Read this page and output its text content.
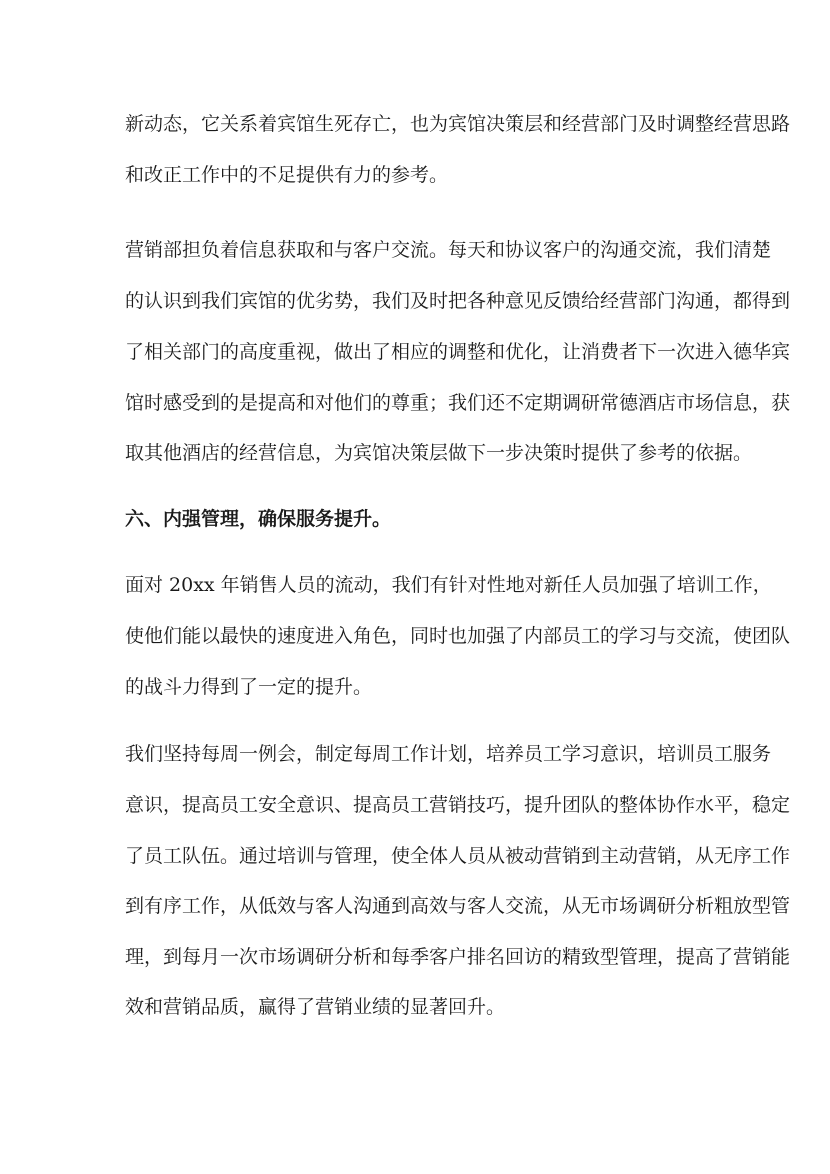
新动态，它关系着宾馆生死存亡，也为宾馆决策层和经营部门及时调整经营思路
和改正工作中的不足提供有力的参考。
营销部担负着信息获取和与客户交流。每天和协议客户的沟通交流，我们清楚
的认识到我们宾馆的优劣势，我们及时把各种意见反馈给经营部门沟通，都得到
了相关部门的高度重视，做出了相应的调整和优化，让消费者下一次进入德华宾
馆时感受到的是提高和对他们的尊重；我们还不定期调研常德酒店市场信息，获
取其他酒店的经营信息，为宾馆决策层做下一步决策时提供了参考的依据。
六、内强管理，确保服务提升。
面对 20xx 年销售人员的流动，我们有针对性地对新任人员加强了培训工作，
使他们能以最快的速度进入角色，同时也加强了内部员工的学习与交流，使团队
的战斗力得到了一定的提升。
我们坚持每周一例会，制定每周工作计划，培养员工学习意识，培训员工服务
意识，提高员工安全意识、提高员工营销技巧，提升团队的整体协作水平，稳定
了员工队伍。通过培训与管理，使全体人员从被动营销到主动营销，从无序工作
到有序工作，从低效与客人沟通到高效与客人交流，从无市场调研分析粗放型管
理，到每月一次市场调研分析和每季客户排名回访的精致型管理，提高了营销能
效和营销品质，赢得了营销业绩的显著回升。
